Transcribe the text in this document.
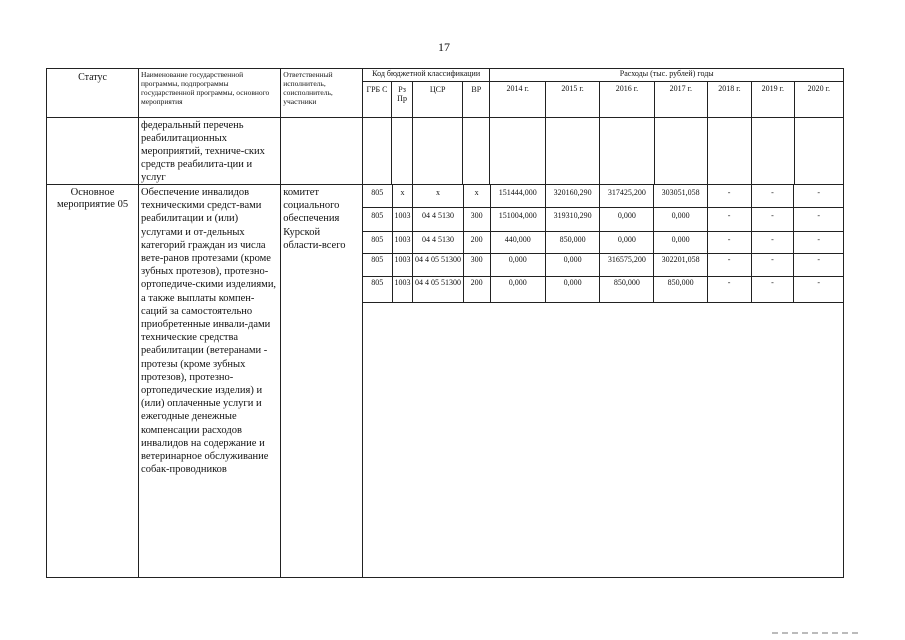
17
Статус	Наименование государственной программы, подпрограммы государственной программы, основного мероприятия	Ответственный исполнитель, соисполнитель, участники	Код бюджетной классификации	Расходы (тыс. рублей) годы
ГРБ С	Рз Пр	ЦСР	ВР	2014 г.	2015 г.	2016 г.	2017 г.	2018 г.	2019 г.	2020 г.
	федеральный перечень реабилитационных мероприятий, техниче-ских средств реабилита-ции и услуг												
Основное мероприятие 05	Обеспечение инвалидов техническими средст-вами реабилитации и (или) услугами и от-дельных категорий граждан из числа вете-ранов протезами (кроме зубных протезов), протезно-ортопедиче-скими изделиями, а также выплаты компен-саций за самостоятельно приобретенные инвали-дами технические средства реабилитации (ветеранами - протезы (кроме зубных протезов), протезно-ортопедические изделия) и (или) оплаченные услуги и ежегодные денежные компенсации расходов инвалидов на содержание и ветеринарное обслуживание собак-проводников	комитет социального обеспечения Курской области-всего	
805	х	х	х	151444,000	320160,290	317425,200	303051,058	-	-	-
805	1003	04 4 5130	300	151004,000	319310,290	0,000	0,000	-	-	-
805	1003	04 4 5130	200	440,000	850,000	0,000	0,000	-	-	-
805	1003	04 4 05 51300	300	0,000	0,000	316575,200	302201,058	-	-	-
805	1003	04 4 05 51300	200	0,000	0,000	850,000	850,000	-	-	-
